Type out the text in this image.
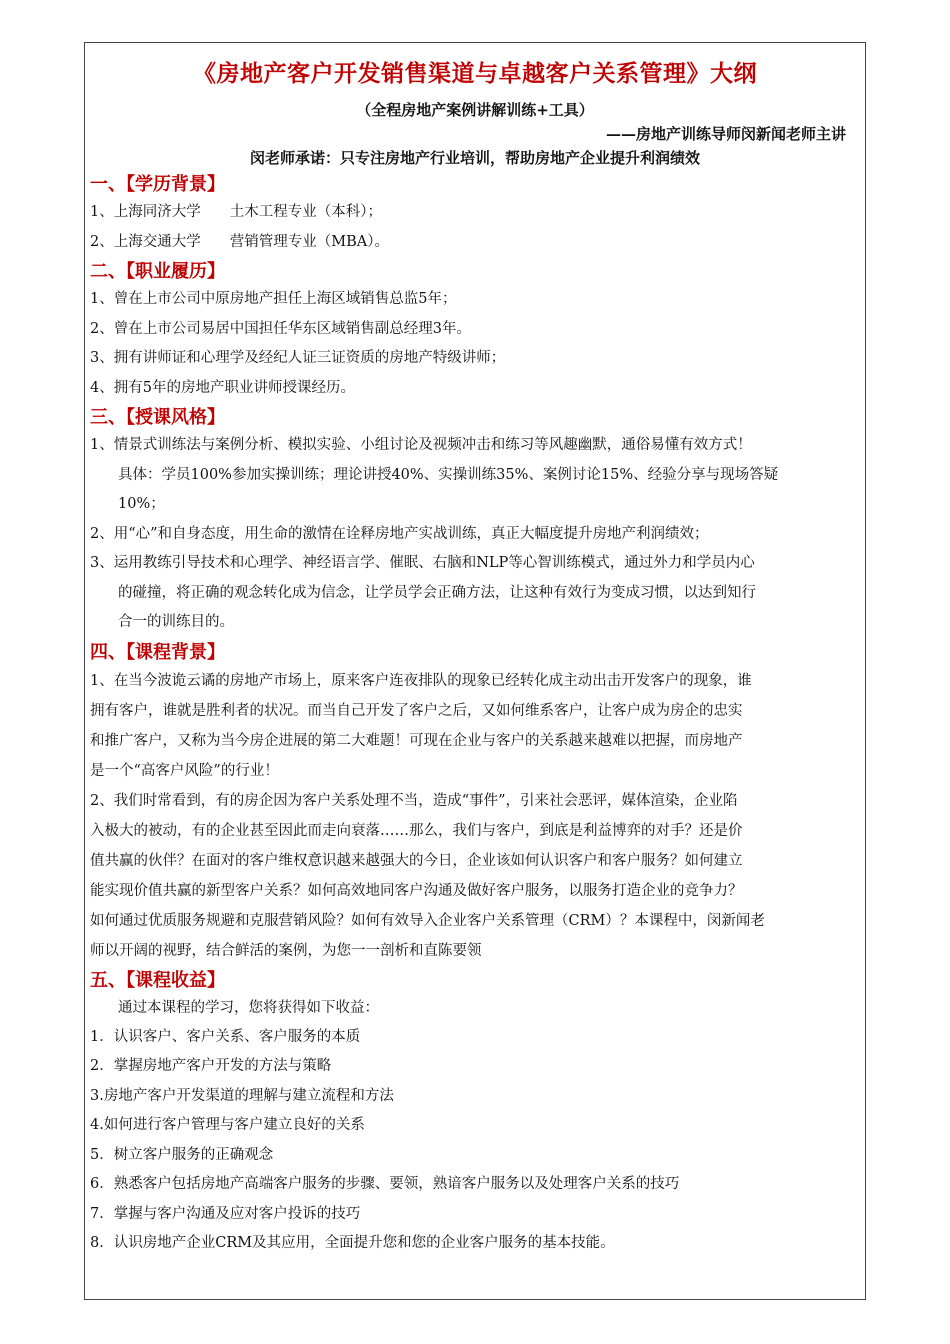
《房地产客户开发销售渠道与卓越客户关系管理》大纲
（全程房地产案例讲解训练+工具）
——房地产训练导师闵新闻老师主讲
闵老师承诺：只专注房地产行业培训，帮助房地产企业提升利润绩效
一、【学历背景】

1、上海同济大学　　土木工程专业（本科）；

2、上海交通大学　　营销管理专业（MBA）。

二、【职业履历】

1、曾在上市公司中原房地产担任上海区域销售总监5年；

2、曾在上市公司易居中国担任华东区域销售副总经理3年。

3、拥有讲师证和心理学及经纪人证三证资质的房地产特级讲师；

4、拥有5年的房地产职业讲师授课经历。

三、【授课风格】

1、情景式训练法与案例分析、模拟实验、小组讨论及视频冲击和练习等风趣幽默，通俗易懂有效方式！

具体：学员100%参加实操训练；理论讲授40%、实操训练35%、案例讨论15%、经验分享与现场答疑

10%；

2、用“心”和自身态度，用生命的激情在诠释房地产实战训练，真正大幅度提升房地产利润绩效；

3、运用教练引导技术和心理学、神经语言学、催眠、右脑和NLP等心智训练模式，通过外力和学员内心

的碰撞，将正确的观念转化成为信念，让学员学会正确方法，让这种有效行为变成习惯，以达到知行

合一的训练目的。

四、【课程背景】

1、在当今波诡云谲的房地产市场上，原来客户连夜排队的现象已经转化成主动出击开发客户的现象，谁

拥有客户，谁就是胜利者的状况。而当自己开发了客户之后，又如何维系客户，让客户成为房企的忠实

和推广客户，又称为当今房企进展的第二大难题！可现在企业与客户的关系越来越难以把握，而房地产

是一个“高客户风险”的行业！

2、我们时常看到，有的房企因为客户关系处理不当，造成“事件”，引来社会恶评，媒体渲染，企业陷

入极大的被动，有的企业甚至因此而走向衰落……那么，我们与客户，到底是利益博弈的对手？还是价

值共赢的伙伴？在面对的客户维权意识越来越强大的今日，企业该如何认识客户和客户服务？如何建立

能实现价值共赢的新型客户关系？如何高效地同客户沟通及做好客户服务，以服务打造企业的竞争力？

如何通过优质服务规避和克服营销风险？如何有效导入企业客户关系管理（CRM）？本课程中，闵新闻老

师以开阔的视野，结合鲜活的案例，为您一一剖析和直陈要领

五、【课程收益】
通过本课程的学习，您将获得如下收益：

1．认识客户、客户关系、客户服务的本质

2．掌握房地产客户开发的方法与策略

3.房地产客户开发渠道的理解与建立流程和方法

4.如何进行客户管理与客户建立良好的关系

5．树立客户服务的正确观念

6．熟悉客户包括房地产高端客户服务的步骤、要领，熟谙客户服务以及处理客户关系的技巧

7．掌握与客户沟通及应对客户投诉的技巧

8．认识房地产企业CRM及其应用，全面提升您和您的企业客户服务的基本技能。
